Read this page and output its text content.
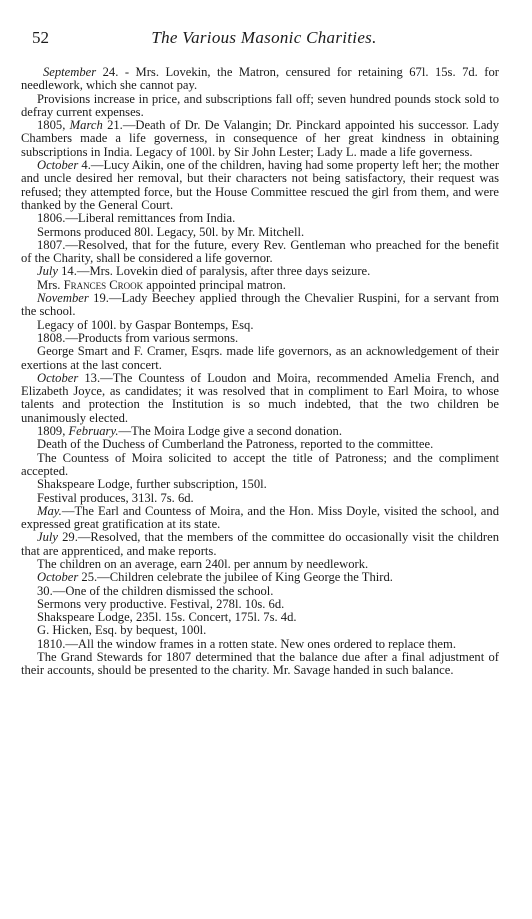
52	The Various Masonic Charities.

September 24. - Mrs. Lovekin, the Matron, censured for retaining 67l. 15s. 7d. for needlework, which she cannot pay.

Provisions increase in price, and subscriptions fall off; seven hundred pounds stock sold to defray current expenses.

1805, March 21.—Death of Dr. De Valangin; Dr. Pinckard appointed his successor. Lady Chambers made a life governess, in consequence of her great kindness in obtaining subscriptions in India. Legacy of 100l. by Sir John Lester; Lady L. made a life governess.

October 4.—Lucy Aikin, one of the children, having had some property left her; the mother and uncle desired her removal, but their characters not being satisfactory, their request was refused; they attempted force, but the House Committee rescued the girl from them, and were thanked by the General Court.

1806.—Liberal remittances from India.

Sermons produced 80l. Legacy, 50l. by Mr. Mitchell.

1807.—Resolved, that for the future, every Rev. Gentleman who preached for the benefit of the Charity, shall be considered a life governor.

July 14.—Mrs. Lovekin died of paralysis, after three days seizure.

Mrs. Frances Crook appointed principal matron.

November 19.—Lady Beechey applied through the Chevalier Ruspini, for a servant from the school.

Legacy of 100l. by Gaspar Bontemps, Esq.

1808.—Products from various sermons.

George Smart and F. Cramer, Esqrs. made life governors, as an acknowledgement of their exertions at the last concert.

October 13.—The Countess of Loudon and Moira, recommended Amelia French, and Elizabeth Joyce, as candidates; it was resolved that in compliment to Earl Moira, to whose talents and protection the Institution is so much indebted, that the two children be unanimously elected.

1809, February.—The Moira Lodge give a second donation.

Death of the Duchess of Cumberland the Patroness, reported to the committee.

The Countess of Moira solicited to accept the title of Patroness; and the compliment accepted.

Shakspeare Lodge, further subscription, 150l.

Festival produces, 313l. 7s. 6d.

May.—The Earl and Countess of Moira, and the Hon. Miss Doyle, visited the school, and expressed great gratification at its state.

July 29.—Resolved, that the members of the committee do occasionally visit the children that are apprenticed, and make reports.

The children on an average, earn 240l. per annum by needlework.

October 25.—Children celebrate the jubilee of King George the Third.

30.—One of the children dismissed the school.

Sermons very productive. Festival, 278l. 10s. 6d.

Shakspeare Lodge, 235l. 15s. Concert, 175l. 7s. 4d.

G. Hicken, Esq. by bequest, 100l.

1810.—All the window frames in a rotten state. New ones ordered to replace them.

The Grand Stewards for 1807 determined that the balance due after a final adjustment of their accounts, should be presented to the charity. Mr. Savage handed in such balance.
